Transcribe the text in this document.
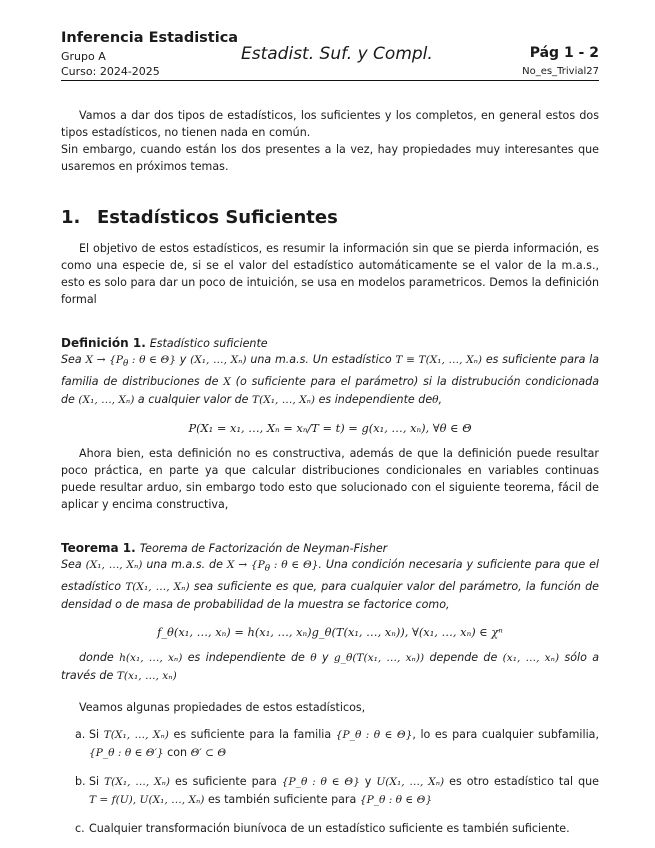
Inferencia Estadistica
Grupo A
Curso: 2024-2025
Estadist. Suf. y Compl.	Pág 1 - 2
No_es_Trivial27

Vamos a dar dos tipos de estadísticos, los suficientes y los completos, en general estos dos tipos estadísticos, no tienen nada en común.

Sin embargo, cuando están los dos presentes a la vez, hay propiedades muy interesantes que usaremos en próximos temas.

1. Estadísticos Suficientes

El objetivo de estos estadísticos, es resumir la información sin que se pierda información, es como una especie de, si se el valor del estadístico automáticamente se el valor de la m.a.s., esto es solo para dar un poco de intuición, se usa en modelos parametricos. Demos la definición formal

Definición 1. Estadístico suficiente

Sea $X \to \{P_\theta$ : θ ∈ Θ} y (X₁, …, Xₙ) una m.a.s. Un estadístico T ≡ T(X₁, …, Xₙ) es suficiente para la familia de distribuciones de X (o suficiente para el parámetro) si la distrubución condicionada de (X₁, …, Xₙ) a cualquier valor de T(X₁, …, Xₙ) es independiente deθ,

P(X₁ = x₁, …, Xₙ = xₙ/T = t) = g(x₁, …, xₙ), ∀θ ∈ Θ

Ahora bien, esta definición no es constructiva, además de que la definición puede resultar poco práctica, en parte ya que calcular distribuciones condicionales en variables continuas puede resultar arduo, sin embargo todo esto que solucionado con el siguiente teorema, fácil de aplicar y encima constructiva,

Teorema 1. Teorema de Factorización de Neyman-Fisher

Sea (X₁, …, Xₙ) una m.a.s. de $X \to \{P_\theta$ : θ ∈ Θ}. Una condición necesaria y suficiente para que el estadístico T(X₁, …, Xₙ) sea suficiente es que, para cualquier valor del parámetro, la función de densidad o de masa de probabilidad de la muestra se factorice como,

f_θ(x₁, …, xₙ) = h(x₁, …, xₙ)g_θ(T(x₁, …, xₙ)), ∀(x₁, …, xₙ) ∈ χⁿ

donde h(x₁, …, xₙ) es independiente de θ y g_θ(T(x₁, …, xₙ)) depende de (x₁, …, xₙ) sólo a través de T(x₁, …, xₙ)

Veamos algunas propiedades de estos estadísticos,

a. Si T(X₁, …, Xₙ) es suficiente para la familia {P_θ : θ ∈ Θ}, lo es para cualquier subfamilia, {P_θ : θ ∈ Θ′} con Θ′ ⊂ Θ
b. Si T(X₁, …, Xₙ) es suficiente para {P_θ : θ ∈ Θ} y U(X₁, …, Xₙ) es otro estadístico tal que T = f(U), U(X₁, …, Xₙ) es también suficiente para {P_θ : θ ∈ Θ}
c. Cualquier transformación biunívoca de un estadístico suficiente es también suficiente.
